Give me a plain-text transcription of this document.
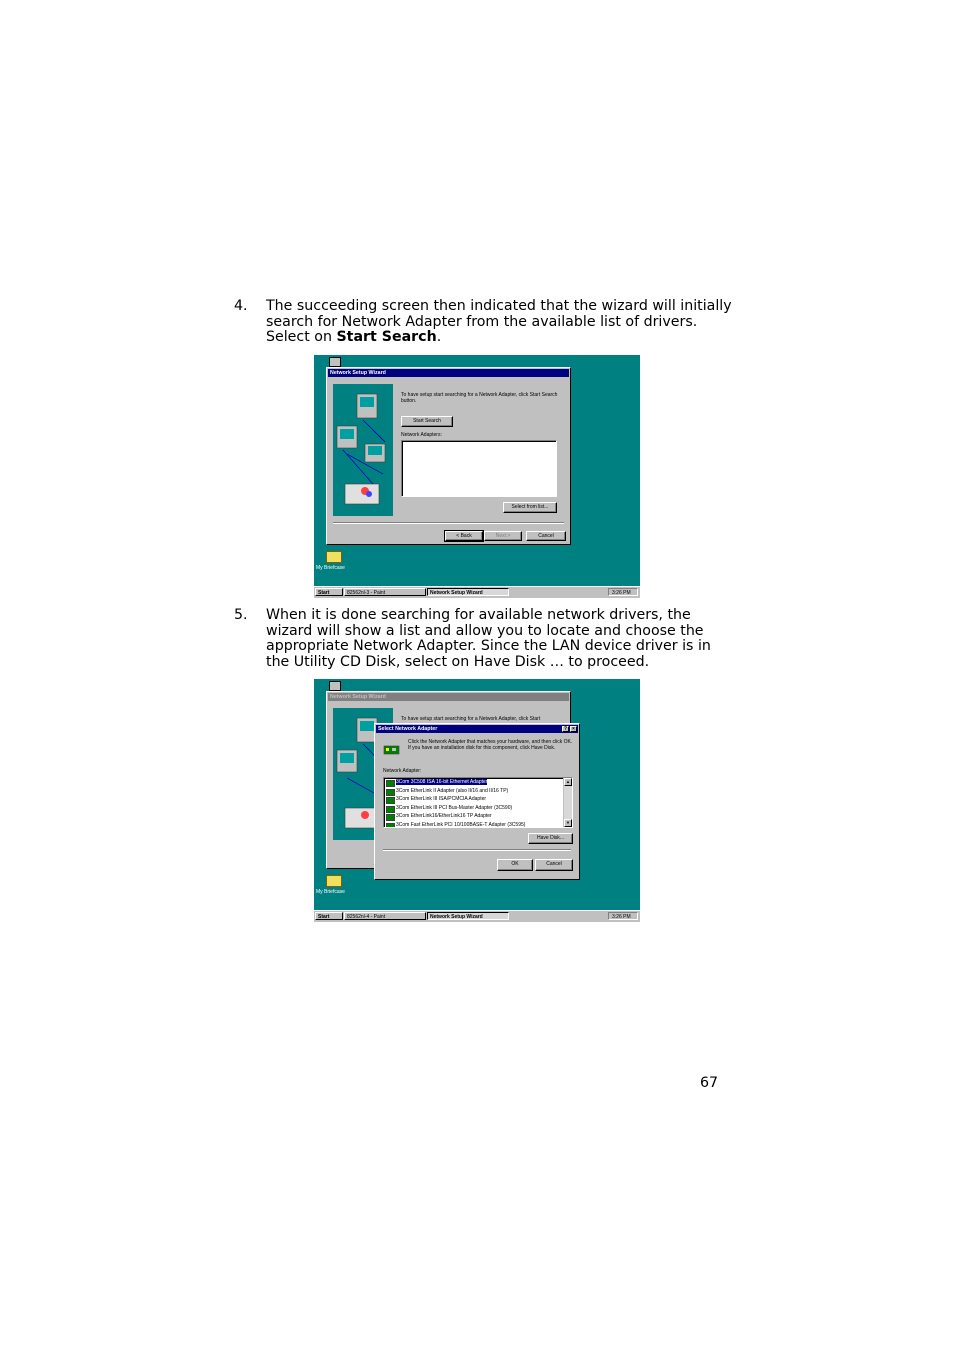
4. The succeeding screen then indicated that the wizard will initially
search for Network Adapter from the available list of drivers.
Select on Start Search.
My Briefcase
Network Setup Wizard
To have setup start searching for a Network Adapter, click Start Search button.
Start Search
Network Adapters:
Select from list...
< Back	Next >	Cancel
Start	82562nl-3 - Paint	Network Setup Wizard	3:26 PM
5. When it is done searching for available network drivers, the
wizard will show a list and allow you to locate and choose the
appropriate Network Adapter. Since the LAN device driver is in
the Utility CD Disk, select on Have Disk … to proceed.
My Briefcase
Network Setup Wizard
To have setup start searching for a Network Adapter, click Start
Select Network Adapter	?	×
Click the Network Adapter that matches your hardware, and then click OK. If you have an installation disk for this component, click Have Disk.
Network Adapter:
3Com 3C508 ISA 16-bit Ethernet Adapter
3Com EtherLink II Adapter (also II/16 and II/16 TP)
3Com EtherLink III ISA/PCMCIA Adapter
3Com EtherLink III PCI Bus-Master Adapter (3C590)
3Com EtherLink16/EtherLink16 TP Adapter
3Com Fast EtherLink PCI 10/100BASE-T Adapter (3C595)
▲
▼
Have Disk...
OK	Cancel
Start	82562nl-4 - Paint	Network Setup Wizard	3:26 PM
67
